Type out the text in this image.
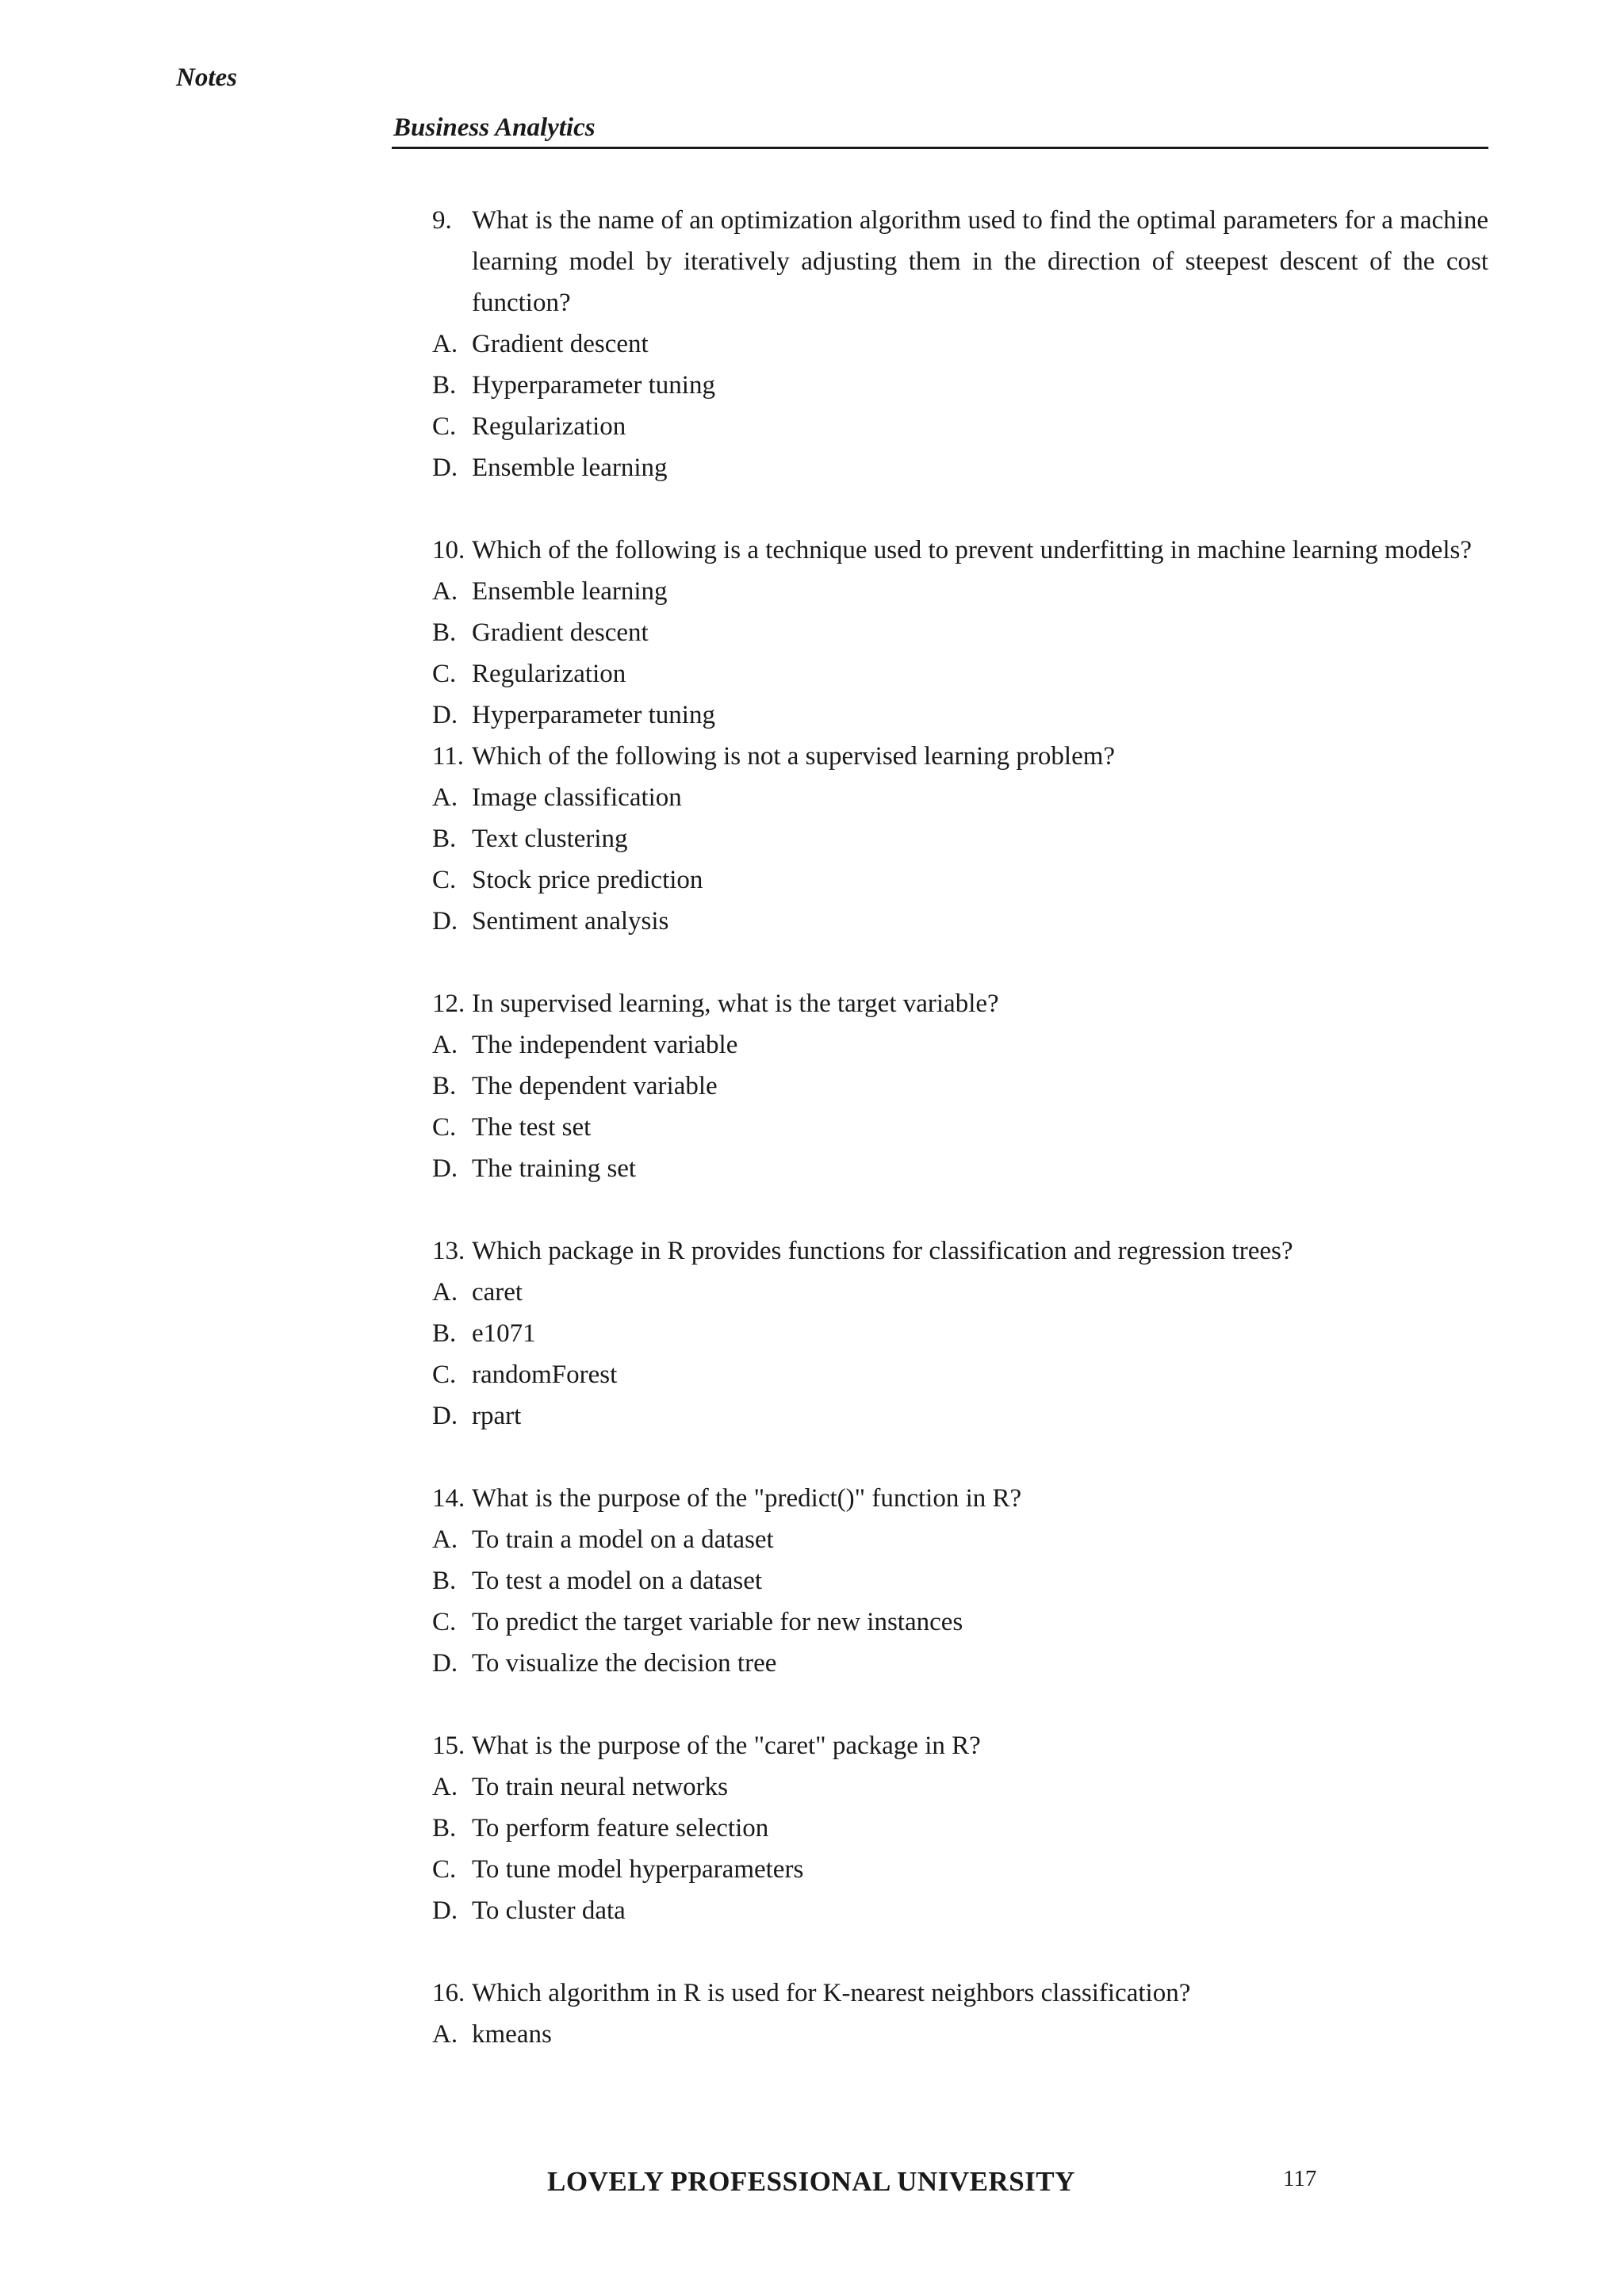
Notes
Business Analytics
9. What is the name of an optimization algorithm used to find the optimal parameters for a machine learning model by iteratively adjusting them in the direction of steepest descent of the cost function?
A. Gradient descent
B. Hyperparameter tuning
C. Regularization
D. Ensemble learning
10. Which of the following is a technique used to prevent underfitting in machine learning models?
A. Ensemble learning
B. Gradient descent
C. Regularization
D. Hyperparameter tuning
11. Which of the following is not a supervised learning problem?
A. Image classification
B. Text clustering
C. Stock price prediction
D. Sentiment analysis
12. In supervised learning, what is the target variable?
A. The independent variable
B. The dependent variable
C. The test set
D. The training set
13. Which package in R provides functions for classification and regression trees?
A. caret
B. e1071
C. randomForest
D. rpart
14. What is the purpose of the "predict()" function in R?
A. To train a model on a dataset
B. To test a model on a dataset
C. To predict the target variable for new instances
D. To visualize the decision tree
15. What is the purpose of the "caret" package in R?
A. To train neural networks
B. To perform feature selection
C. To tune model hyperparameters
D. To cluster data
16. Which algorithm in R is used for K-nearest neighbors classification?
A. kmeans
LOVELY PROFESSIONAL UNIVERSITY	117
